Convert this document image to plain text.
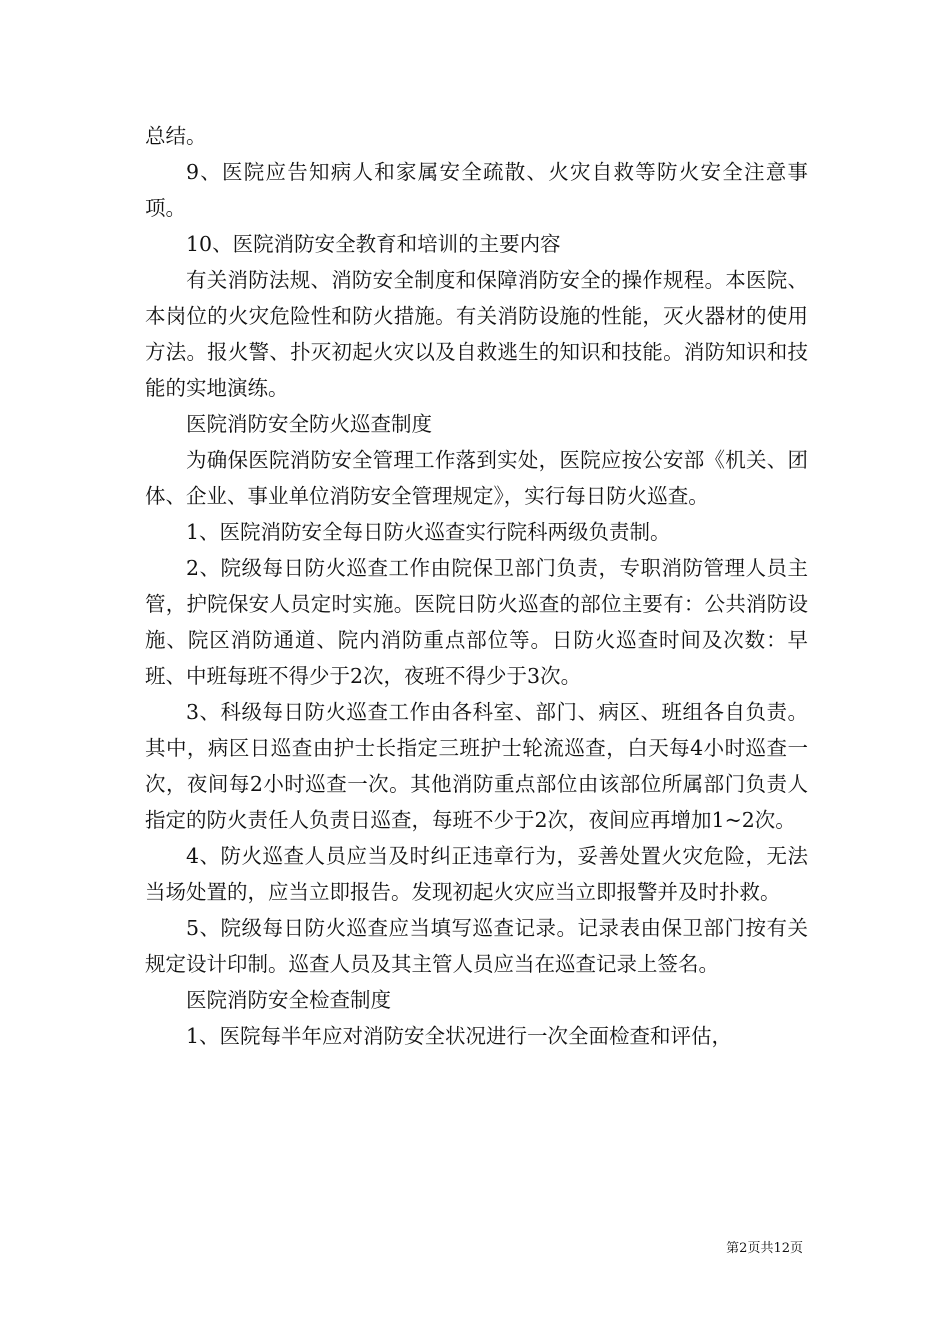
总结。

9、医院应告知病人和家属安全疏散、火灾自救等防火安全注意事项。

10、医院消防安全教育和培训的主要内容

有关消防法规、消防安全制度和保障消防安全的操作规程。本医院、本岗位的火灾危险性和防火措施。有关消防设施的性能，灭火器材的使用方法。报火警、扑灭初起火灾以及自救逃生的知识和技能。消防知识和技能的实地演练。

医院消防安全防火巡查制度

为确保医院消防安全管理工作落到实处，医院应按公安部《机关、团体、企业、事业单位消防安全管理规定》，实行每日防火巡查。

1、医院消防安全每日防火巡查实行院科两级负责制。

2、院级每日防火巡查工作由院保卫部门负责，专职消防管理人员主管，护院保安人员定时实施。医院日防火巡查的部位主要有：公共消防设施、院区消防通道、院内消防重点部位等。日防火巡查时间及次数：早班、中班每班不得少于2次，夜班不得少于3次。

3、科级每日防火巡查工作由各科室、部门、病区、班组各自负责。其中，病区日巡查由护士长指定三班护士轮流巡查，白天每4小时巡查一次，夜间每2小时巡查一次。其他消防重点部位由该部位所属部门负责人指定的防火责任人负责日巡查，每班不少于2次，夜间应再增加1~2次。

4、防火巡查人员应当及时纠正违章行为，妥善处置火灾危险，无法当场处置的，应当立即报告。发现初起火灾应当立即报警并及时扑救。

5、院级每日防火巡查应当填写巡查记录。记录表由保卫部门按有关规定设计印制。巡查人员及其主管人员应当在巡查记录上签名。

医院消防安全检查制度

1、医院每半年应对消防安全状况进行一次全面检查和评估，

第2页共12页
